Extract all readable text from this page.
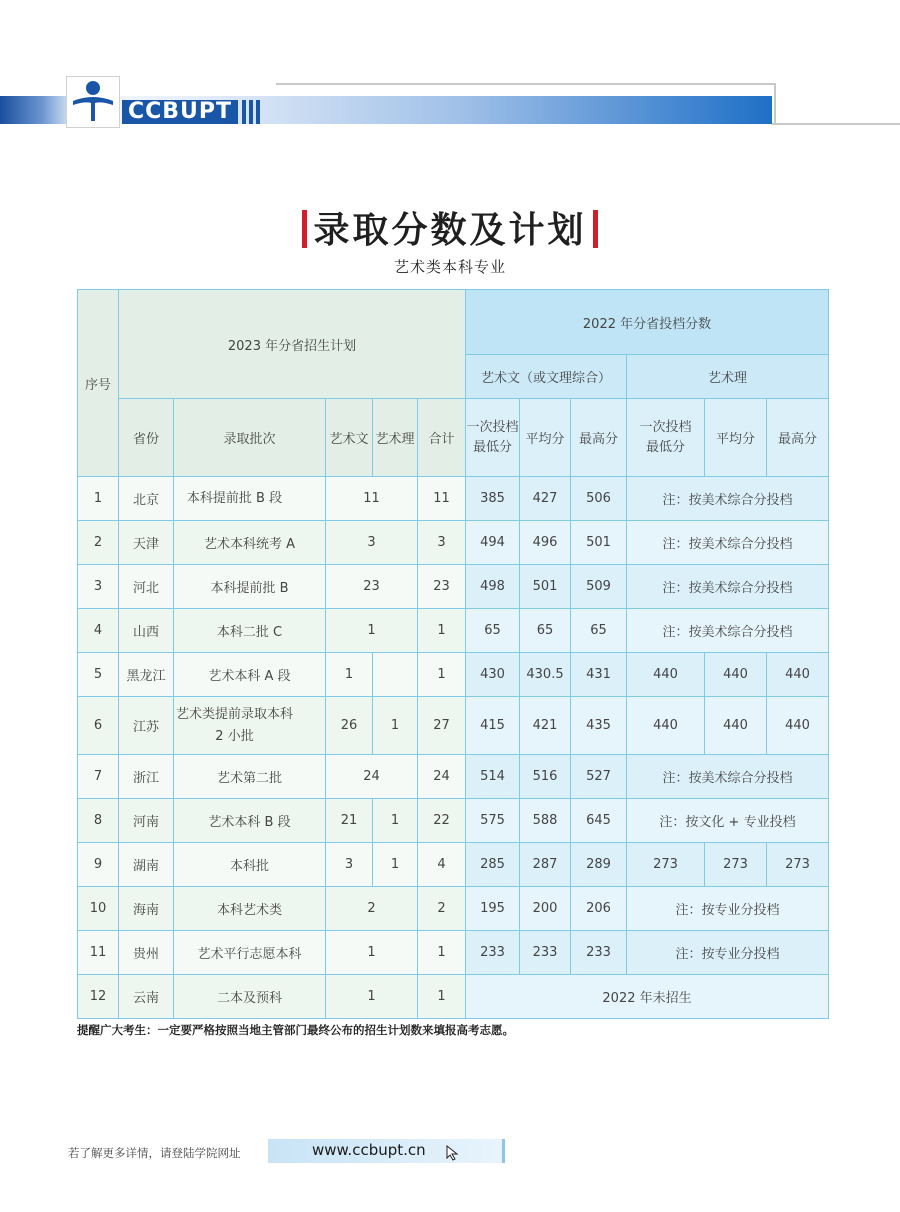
CCBUPT
录取分数及计划
艺术类本科专业
序号	2023 年分省招生计划					2022 年分省投档分数					
						艺术文（或文理综合）			艺术理		
	省份	录取批次	艺术文	艺术理	合计	一次投档最低分	平均分	最高分	一次投档最低分	平均分	最高分
1	北京	本科提前批 B 段	11		11	385	427	506	注：按美术综合分投档		
2	天津	艺术本科统考 A	3		3	494	496	501	注：按美术综合分投档		
3	河北	本科提前批 B	23		23	498	501	509	注：按美术综合分投档		
4	山西	本科二批 C	1		1	65	65	65	注：按美术综合分投档		
5	黑龙江	艺术本科 A 段	1		1	430	430.5	431	440	440	440
6	江苏	艺术类提前录取本科 2 小批	26	1	27	415	421	435	440	440	440
7	浙江	艺术第二批	24		24	514	516	527	注：按美术综合分投档		
8	河南	艺术本科 B 段	21	1	22	575	588	645	注：按文化 + 专业投档		
9	湖南	本科批	3	1	4	285	287	289	273	273	273
10	海南	本科艺术类	2		2	195	200	206	注：按专业分投档		
11	贵州	艺术平行志愿本科	1		1	233	233	233	注：按专业分投档		
12	云南	二本及预科	1		1	2022 年未招生					
提醒广大考生：一定要严格按照当地主管部门最终公布的招生计划数来填报高考志愿。
若了解更多详情，请登陆学院网址	www.ccbupt.cn
